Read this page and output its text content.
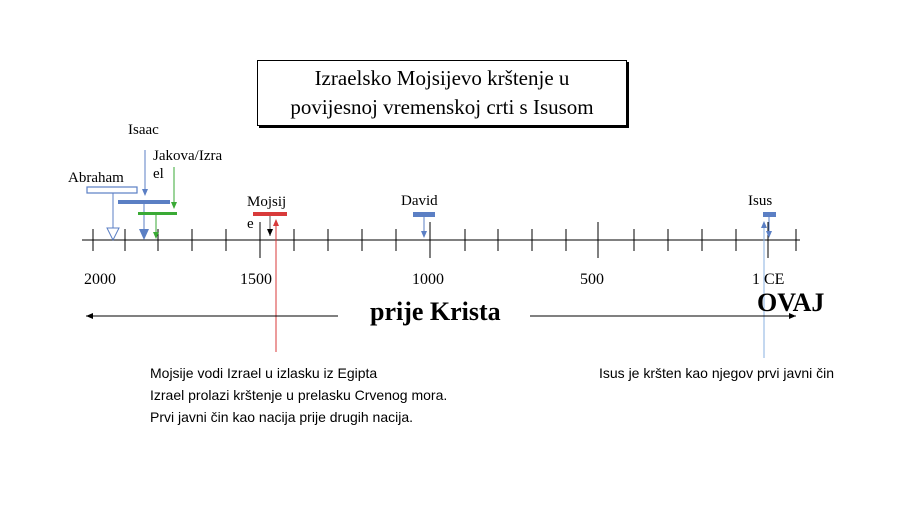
Izraelsko Mojsijevo krštenje u
povijesnoj vremenskoj crti s Isusom
Abraham
Isaac
Jakova/Izra
el
Mojsij
e
David	Isus
2000	1500	1000	500	1 CE
prije Krista	OVAJ
Mojsije vodi Izrael u izlasku iz Egipta
Izrael prolazi krštenje u prelasku Crvenog mora.
Prvi javni čin kao nacija prije drugih nacija.
Isus je kršten kao njegov prvi javni čin
